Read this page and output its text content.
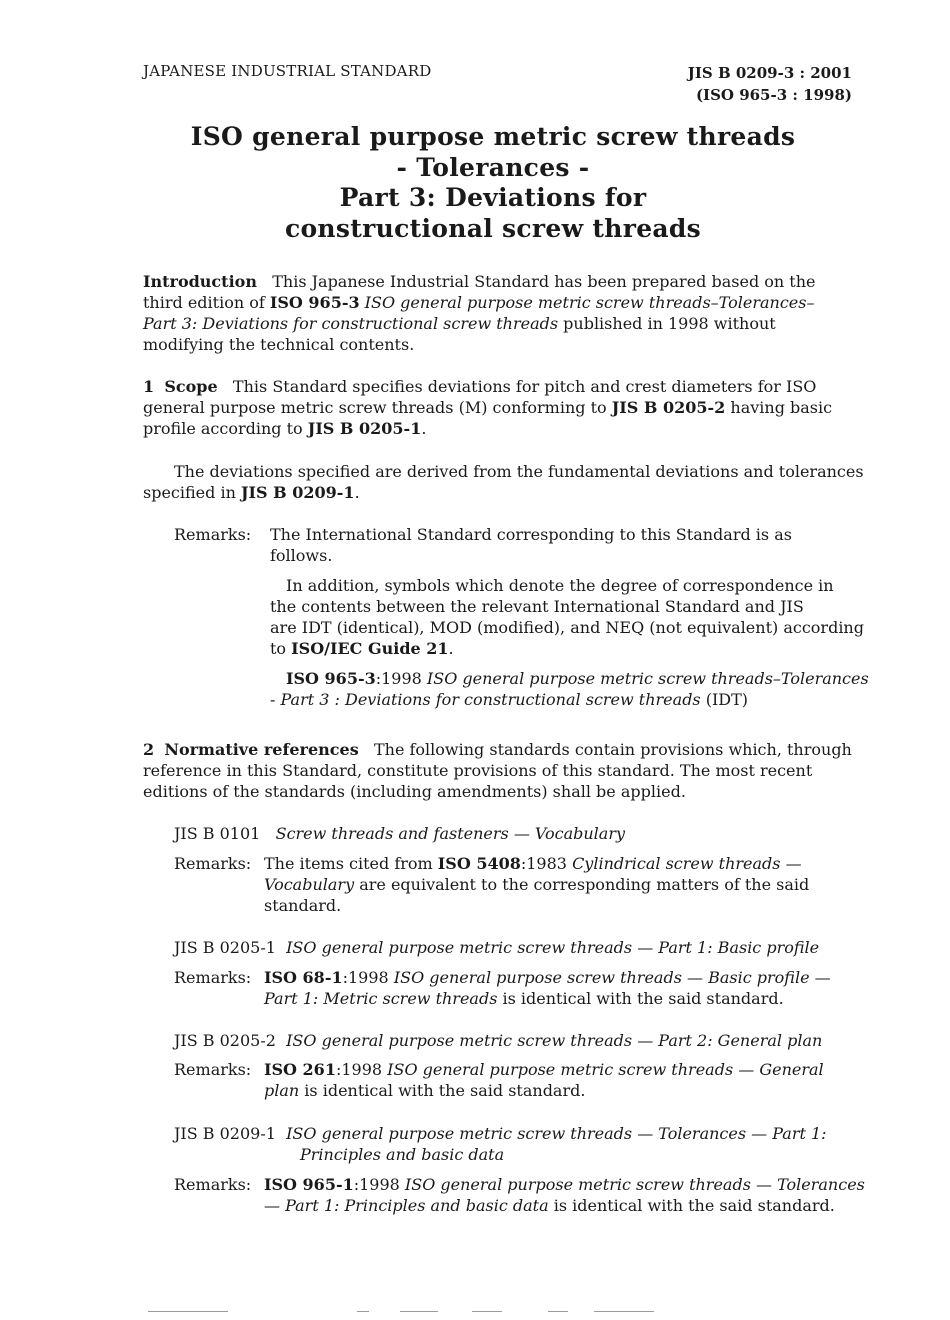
JAPANESE INDUSTRIAL STANDARD	JIS B 0209-3 : 2001
(ISO 965-3 : 1998)
ISO general purpose metric screw threads
- Tolerances -
Part 3: Deviations for
constructional screw threads
Introduction This Japanese Industrial Standard has been prepared based on the
third edition of ISO 965-3 ISO general purpose metric screw threads–Tolerances–
Part 3: Deviations for constructional screw threads published in 1998 without
modifying the technical contents.
1 Scope This Standard specifies deviations for pitch and crest diameters for ISO
general purpose metric screw threads (M) conforming to JIS B 0205-2 having basic
profile according to JIS B 0205-1.
The deviations specified are derived from the fundamental deviations and tolerances
specified in JIS B 0209-1.
Remarks: The International Standard corresponding to this Standard is as
follows.
In addition, symbols which denote the degree of correspondence in
the contents between the relevant International Standard and JIS
are IDT (identical), MOD (modified), and NEQ (not equivalent) according
to ISO/IEC Guide 21.
ISO 965-3:1998 ISO general purpose metric screw threads–Tolerances
- Part 3 : Deviations for constructional screw threads (IDT)
2 Normative references The following standards contain provisions which, through
reference in this Standard, constitute provisions of this standard. The most recent
editions of the standards (including amendments) shall be applied.
JIS B 0101 Screw threads and fasteners — Vocabulary
Remarks: The items cited from ISO 5408:1983 Cylindrical screw threads —
Vocabulary are equivalent to the corresponding matters of the said
standard.
JIS B 0205-1 ISO general purpose metric screw threads — Part 1: Basic profile
Remarks: ISO 68-1:1998 ISO general purpose screw threads — Basic profile —
Part 1: Metric screw threads is identical with the said standard.
JIS B 0205-2 ISO general purpose metric screw threads — Part 2: General plan
Remarks: ISO 261:1998 ISO general purpose metric screw threads — General
plan is identical with the said standard.
JIS B 0209-1 ISO general purpose metric screw threads — Tolerances — Part 1:
Principles and basic data
Remarks: ISO 965-1:1998 ISO general purpose metric screw threads — Tolerances
— Part 1: Principles and basic data is identical with the said standard.
